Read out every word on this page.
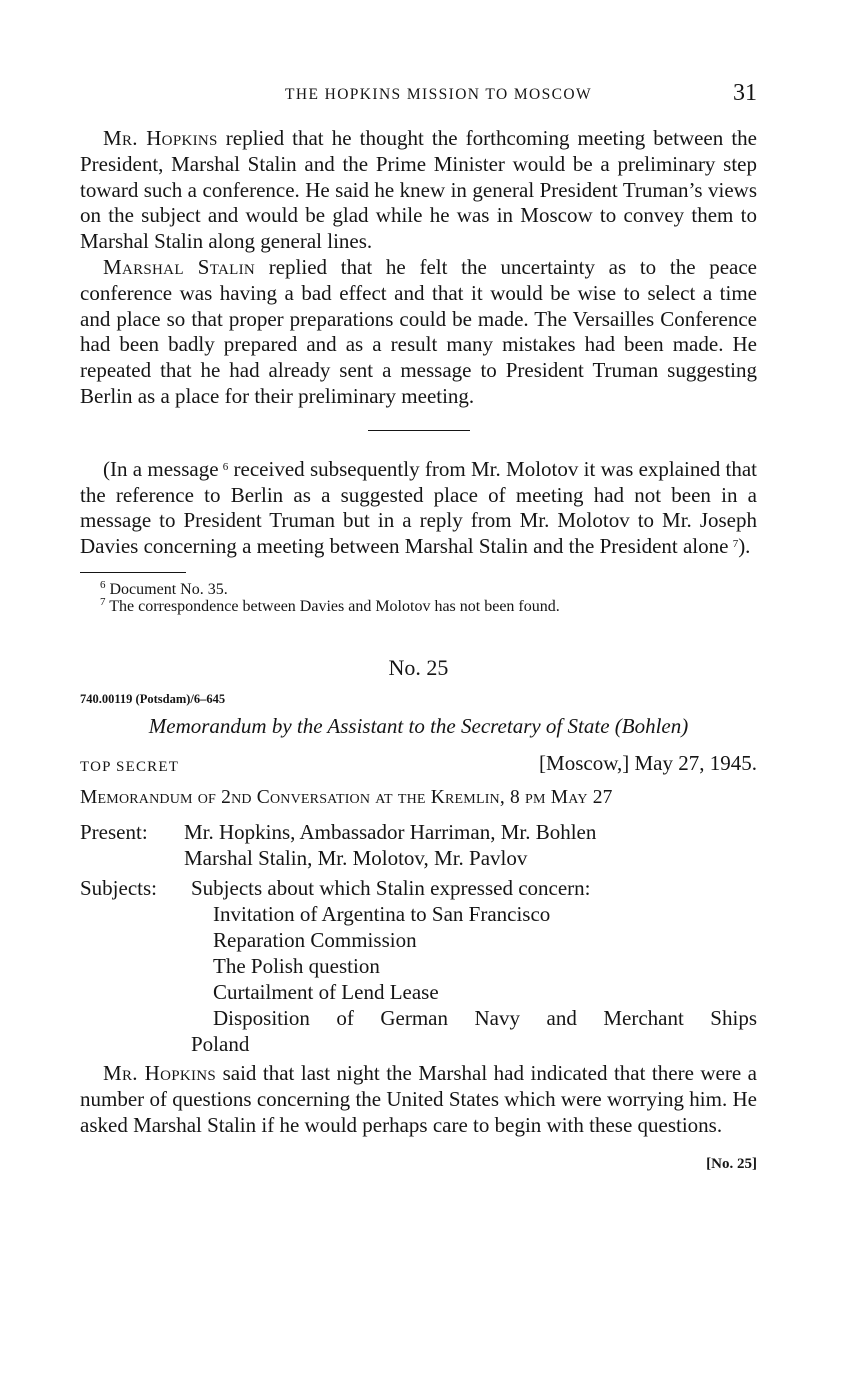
THE HOPKINS MISSION TO MOSCOW	31

Mr. Hopkins replied that he thought the forthcoming meeting between the President, Marshal Stalin and the Prime Minister would be a preliminary step toward such a conference. He said he knew in general President Truman’s views on the subject and would be glad while he was in Moscow to convey them to Marshal Stalin along general lines.

Marshal Stalin replied that he felt the uncertainty as to the peace conference was having a bad effect and that it would be wise to select a time and place so that proper preparations could be made. The Versailles Conference had been badly prepared and as a result many mistakes had been made. He repeated that he had already sent a message to President Truman suggesting Berlin as a place for their preliminary meeting.

(In a message  $^6$ received subsequently from Mr. Molotov it was explained that the reference to Berlin as a suggested place of meeting had not been in a message to President Truman but in a reply from Mr. Molotov to Mr. Joseph Davies concerning a meeting between Marshal Stalin and the President alone  $^7$).

$^6$ Document No. 35.
$^7$ The correspondence between Davies and Molotov has not been found.
No. 25
740.00119 (Potsdam)/6–645
Memorandum by the Assistant to the Secretary of State (Bohlen)
TOP SECRET	[Moscow,] May 27, 1945.
Memorandum of 2nd Conversation at the Kremlin, 8 pm May 27
Present:	Mr. Hopkins, Ambassador Harriman, Mr. Bohlen
Marshal Stalin, Mr. Molotov, Mr. Pavlov
Subjects:	Subjects about which Stalin expressed concern:
Invitation of Argentina to San Francisco
Reparation Commission
The Polish question
Curtailment of Lend Lease
Disposition of German Navy and Merchant Ships
Poland

Mr. Hopkins said that last night the Marshal had indicated that there were a number of questions concerning the United States which were worrying him. He asked Marshal Stalin if he would perhaps care to begin with these questions.

[No. 25]
